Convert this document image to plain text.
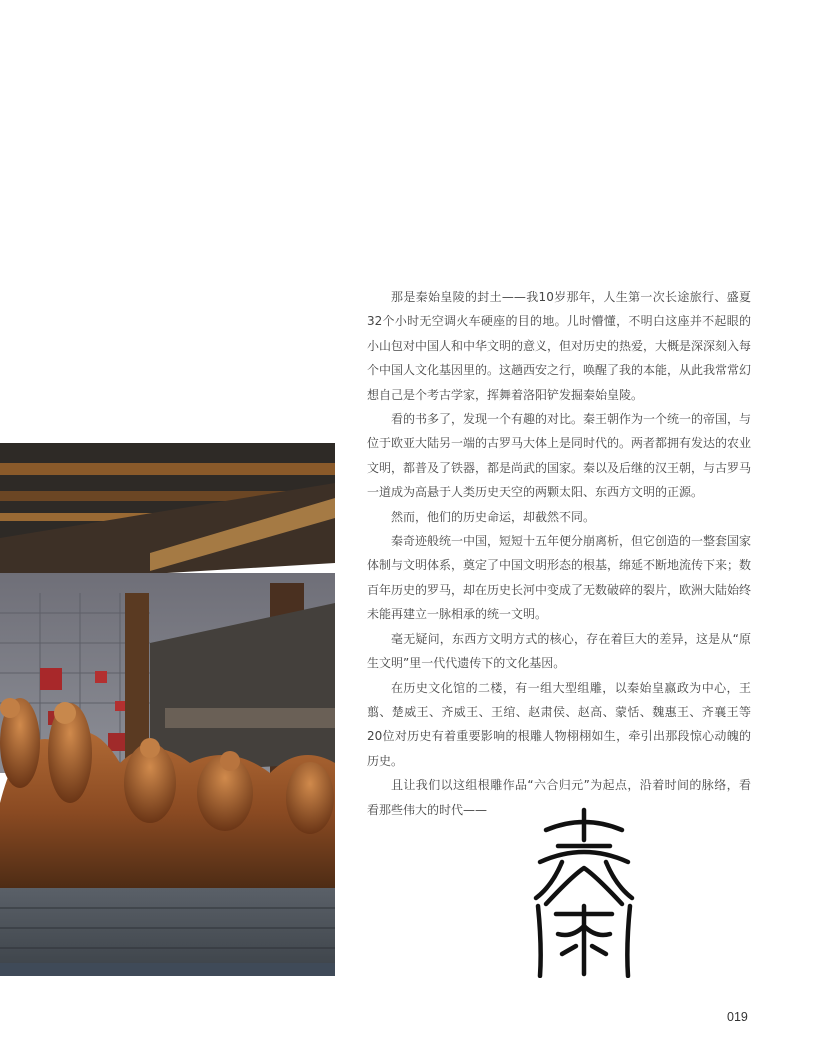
那是秦始皇陵的封土——我10岁那年，人生第一次长途旅行、盛夏32个小时无空调火车硬座的目的地。儿时懵懂，不明白这座并不起眼的小山包对中国人和中华文明的意义，但对历史的热爱，大概是深深刻入每个中国人文化基因里的。这趟西安之行，唤醒了我的本能，从此我常常幻想自己是个考古学家，挥舞着洛阳铲发掘秦始皇陵。

看的书多了，发现一个有趣的对比。秦王朝作为一个统一的帝国，与位于欧亚大陆另一端的古罗马大体上是同时代的。两者都拥有发达的农业文明，都普及了铁器，都是尚武的国家。秦以及后继的汉王朝，与古罗马一道成为高悬于人类历史天空的两颗太阳、东西方文明的正源。

然而，他们的历史命运，却截然不同。

秦奇迹般统一中国，短短十五年便分崩离析，但它创造的一整套国家体制与文明体系，奠定了中国文明形态的根基，绵延不断地流传下来；数百年历史的罗马，却在历史长河中变成了无数破碎的裂片，欧洲大陆始终未能再建立一脉相承的统一文明。

毫无疑问，东西方文明方式的核心，存在着巨大的差异，这是从“原生文明”里一代代遗传下的文化基因。

在历史文化馆的二楼，有一组大型组雕，以秦始皇嬴政为中心，王翦、楚威王、齐威王、王绾、赵肃侯、赵高、蒙恬、魏惠王、齐襄王等20位对历史有着重要影响的根雕人物栩栩如生，牵引出那段惊心动魄的历史。

且让我们以这组根雕作品“六合归元”为起点，沿着时间的脉络，看看那些伟大的时代——

019
